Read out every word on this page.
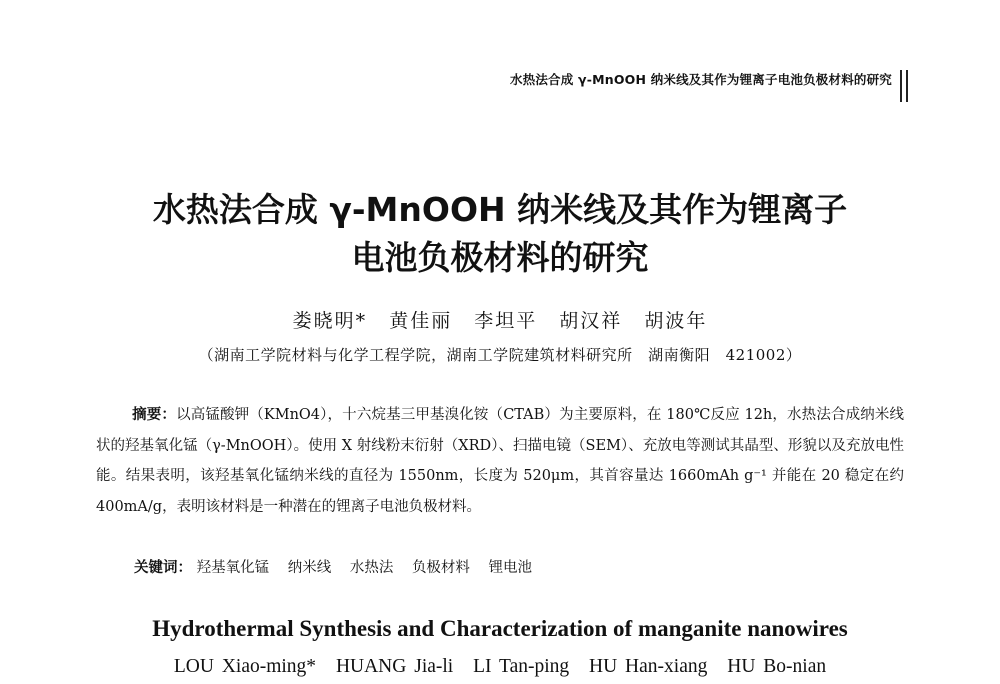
水热法合成 γ-MnOOH 纳米线及其作为锂离子电池负极材料的研究
水热法合成 γ-MnOOH 纳米线及其作为锂离子
电池负极材料的研究
娄晓明* 黄佳丽 李坦平 胡汉祥 胡波年
（湖南工学院材料与化学工程学院，湖南工学院建筑材料研究所　湖南衡阳　421002）
摘要：以高锰酸钾（KMnO4），十六烷基三甲基溴化铵（CTAB）为主要原料，在 180℃反应 12h，水热法合成纳米线状的羟基氧化锰（γ-MnOOH）。使用 X 射线粉末衍射（XRD）、扫描电镜（SEM）、充放电等测试其晶型、形貌以及充放电性能。结果表明，该羟基氧化锰纳米线的直径为 1550nm，长度为 520μm，其首容量达 1660mAh g⁻¹ 并能在 20 稳定在约 400mA/g，表明该材料是一种潜在的锂离子电池负极材料。
关键词： 羟基氧化锰 纳米线 水热法 负极材料 锂电池
Hydrothermal Synthesis and Characterization of manganite nanowires
LOU Xiao-ming* HUANG Jia-li LI Tan-ping HU Han-xiang HU Bo-nian
